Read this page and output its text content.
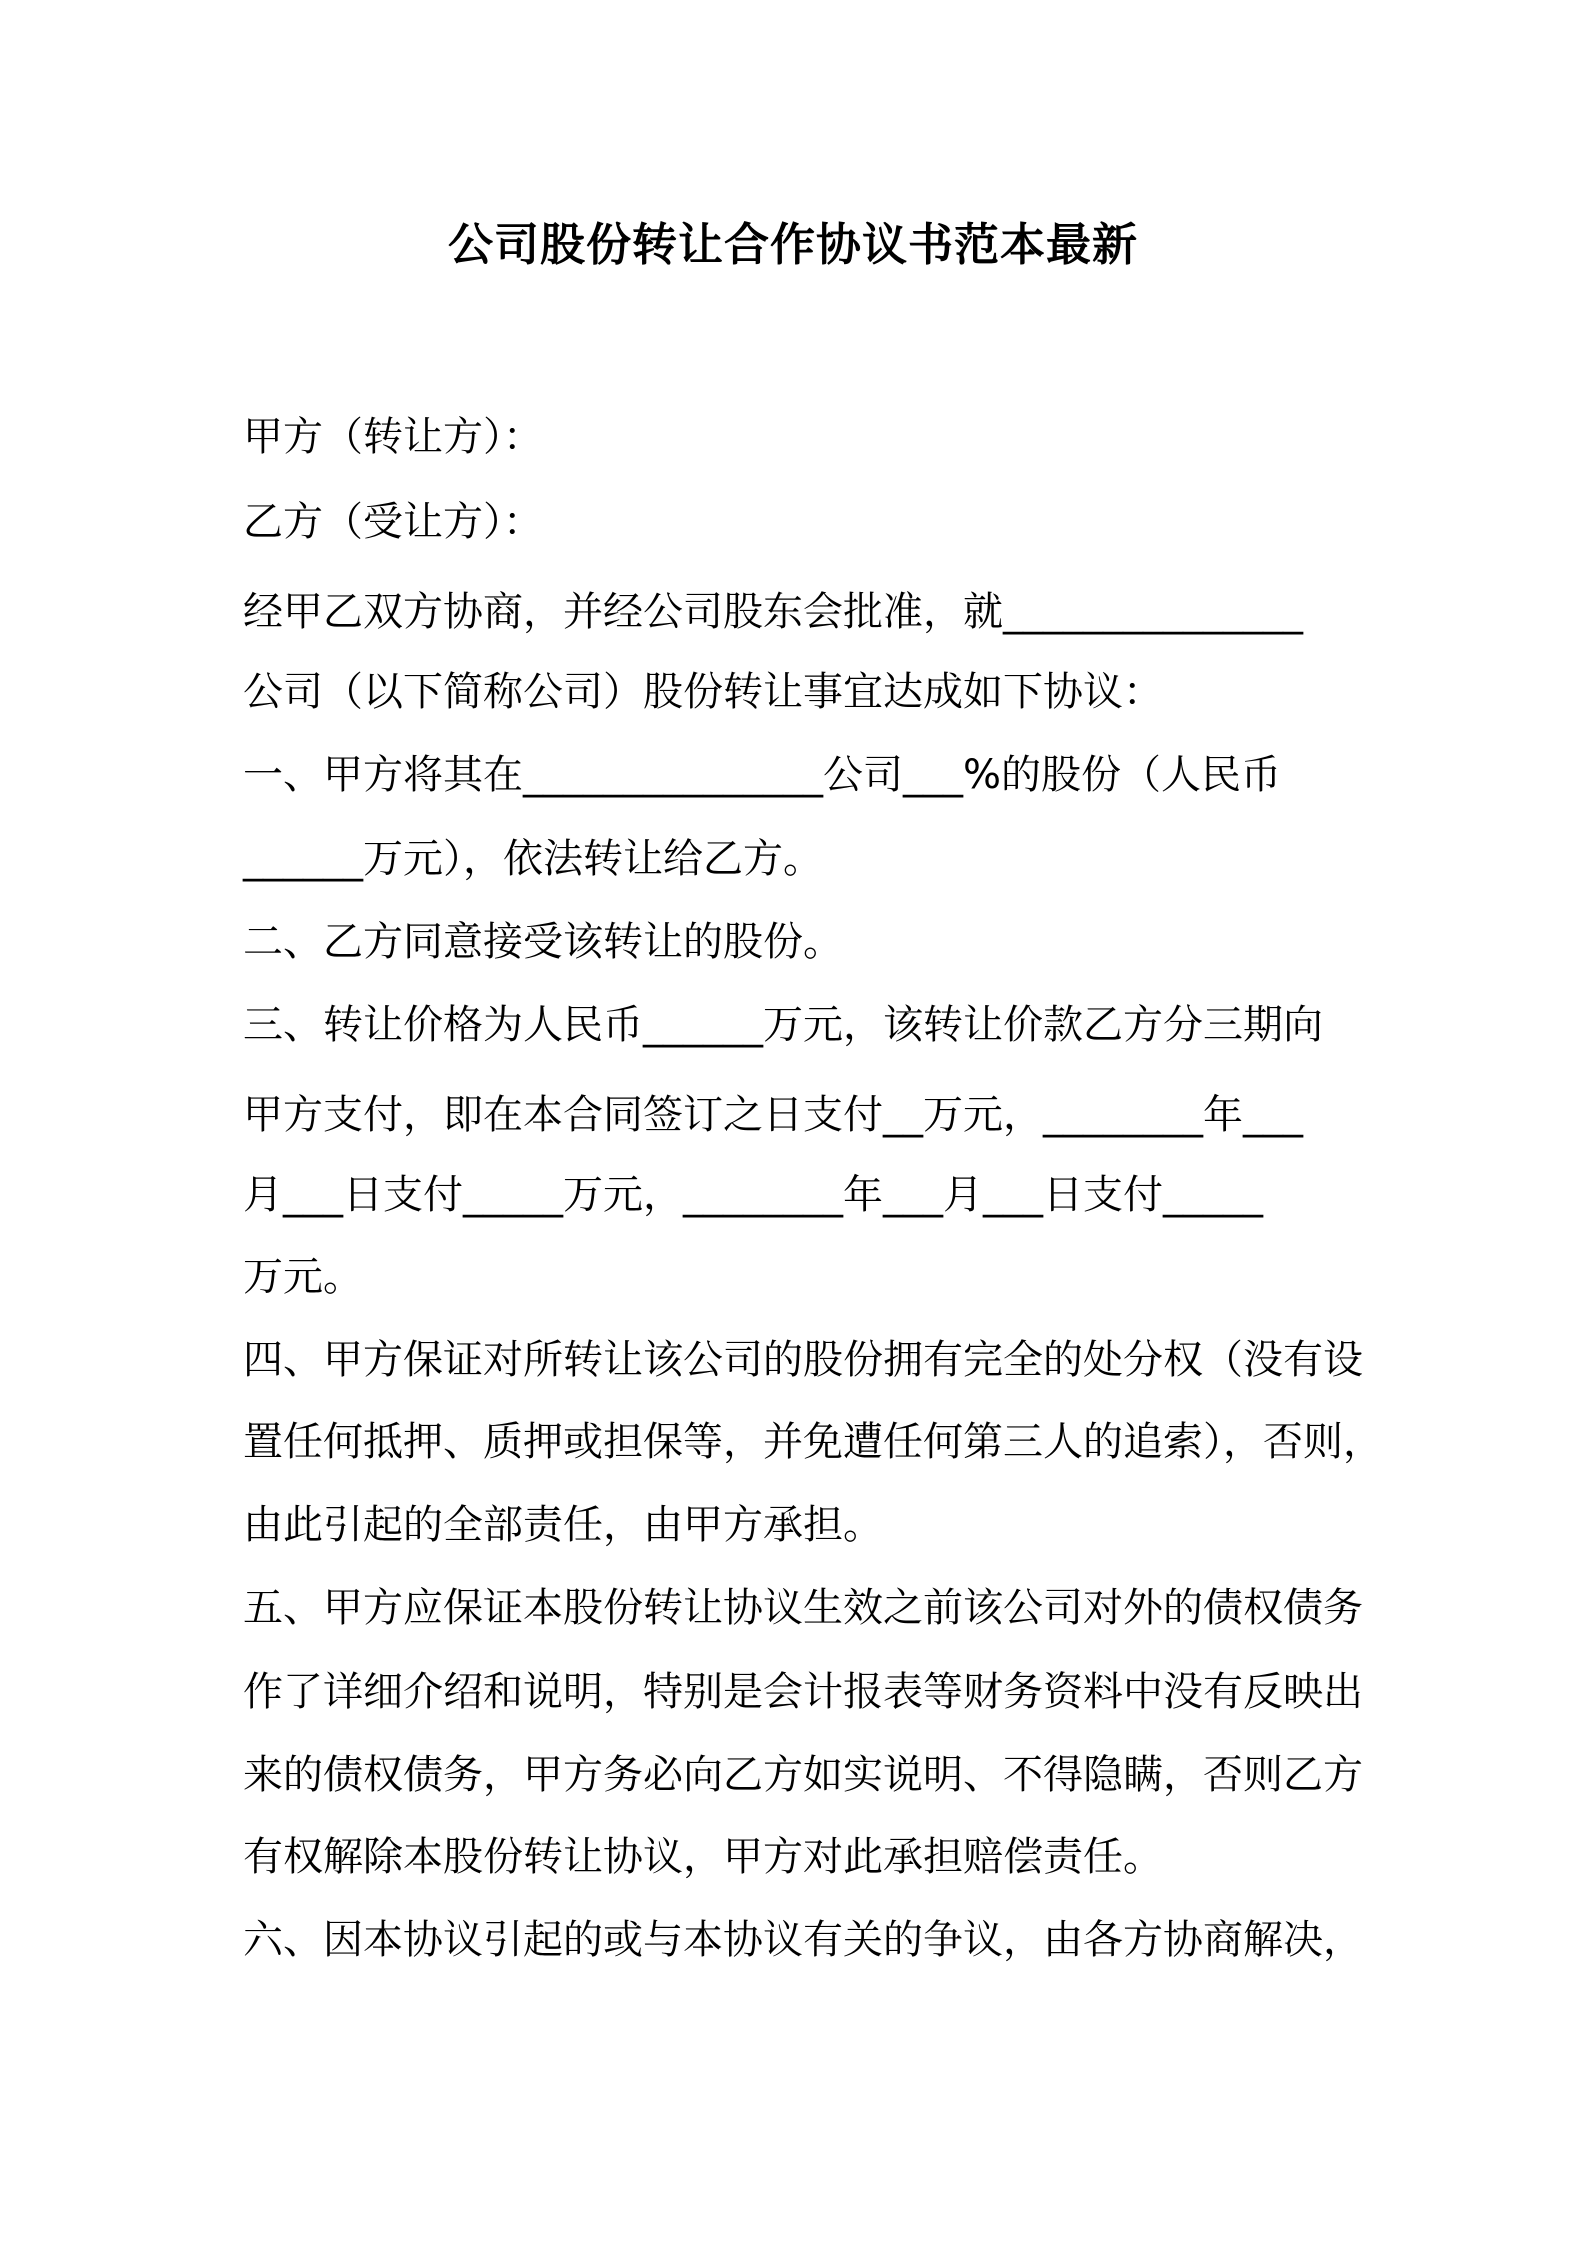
公司股份转让合作协议书范本最新
甲方（转让方）：
乙方（受让方）：
经甲乙双方协商，并经公司股东会批准，就_______________
公司（以下简称公司）股份转让事宜达成如下协议：
一、甲方将其在_______________公司___%的股份（人民币
______万元），依法转让给乙方。
二、乙方同意接受该转让的股份。
三、转让价格为人民币______万元，该转让价款乙方分三期向
甲方支付，即在本合同签订之日支付__万元，________年___
月___日支付_____万元，________年___月___日支付_____
万元。
四、甲方保证对所转让该公司的股份拥有完全的处分权（没有设
置任何抵押、质押或担保等，并免遭任何第三人的追索），否则，
由此引起的全部责任，由甲方承担。
五、甲方应保证本股份转让协议生效之前该公司对外的债权债务
作了详细介绍和说明，特别是会计报表等财务资料中没有反映出
来的债权债务，甲方务必向乙方如实说明、不得隐瞒，否则乙方
有权解除本股份转让协议，甲方对此承担赔偿责任。
六、因本协议引起的或与本协议有关的争议，由各方协商解决，
